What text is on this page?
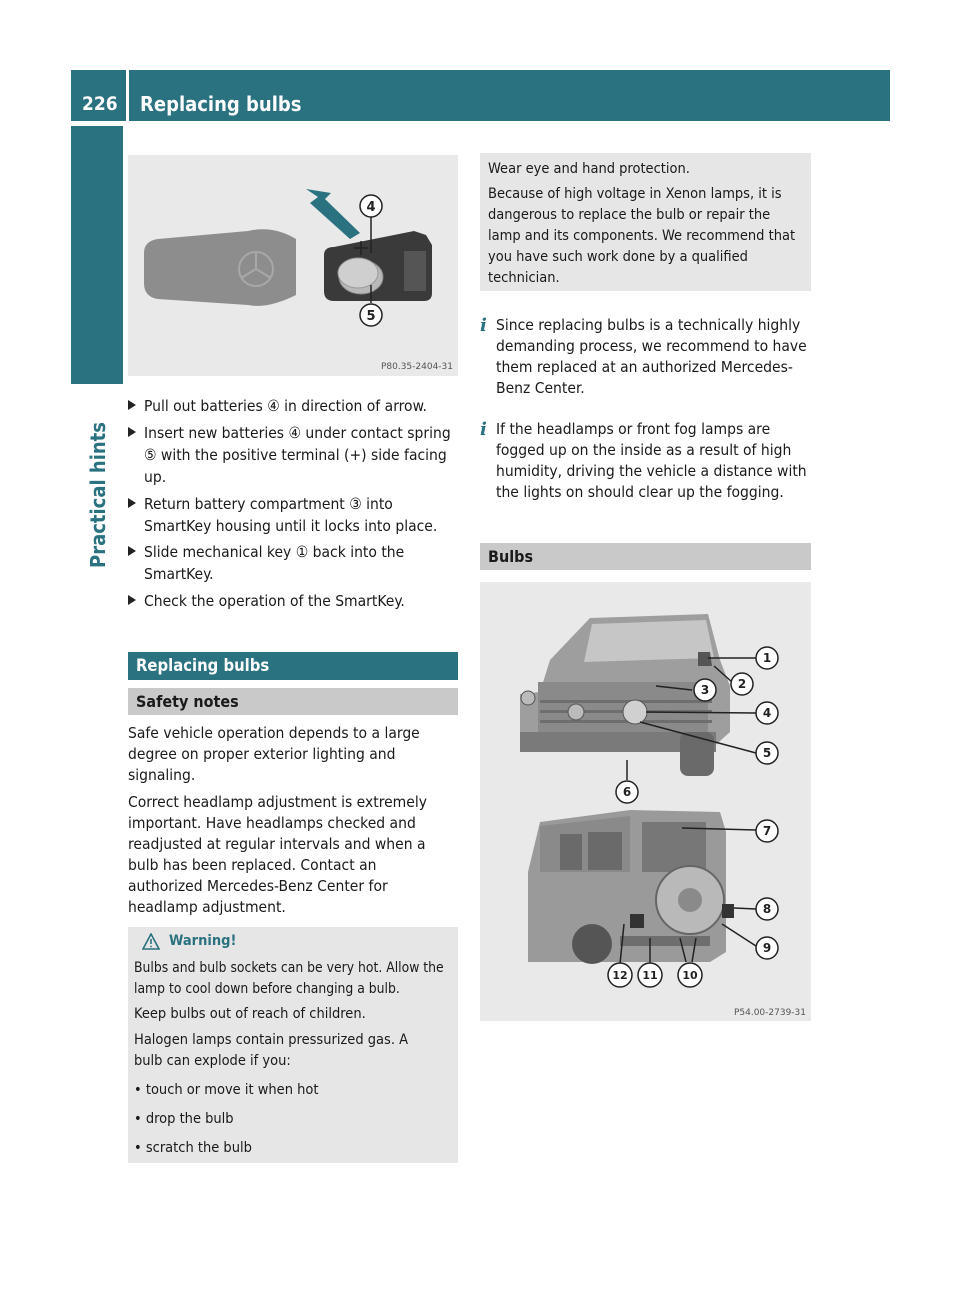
226	Replacing bulbs
Practical hints
4
5
P80.35-2404-31
Pull out batteries ④ in direction of arrow.
Insert new batteries ④ under contact spring ⑤ with the positive terminal (+) side facing up.
Return battery compartment ③ into SmartKey housing until it locks into place.
Slide mechanical key ① back into the SmartKey.
Check the operation of the SmartKey.
Replacing bulbs
Safety notes
Safe vehicle operation depends to a large degree on proper exterior lighting and signaling.
Correct headlamp adjustment is extremely important. Have headlamps checked and readjusted at regular intervals and when a bulb has been replaced. Contact an authorized Mercedes-Benz Center for headlamp adjustment.
Warning!
Bulbs and bulb sockets can be very hot. Allow the lamp to cool down before changing a bulb.
Keep bulbs out of reach of children.
Halogen lamps contain pressurized gas. A bulb can explode if you:
• touch or move it when hot
• drop the bulb
• scratch the bulb
Wear eye and hand protection.
Because of high voltage in Xenon lamps, it is dangerous to replace the bulb or repair the lamp and its components. We recommend that you have such work done by a qualified technician.
i Since replacing bulbs is a technically highly demanding process, we recommend to have them replaced at an authorized Mercedes-Benz Center.
i If the headlamps or front fog lamps are fogged up on the inside as a result of high humidity, driving the vehicle a distance with the lights on should clear up the fogging.
Bulbs
1
2
3
4
5
6
7
8
9
10
11
12
P54.00-2739-31
